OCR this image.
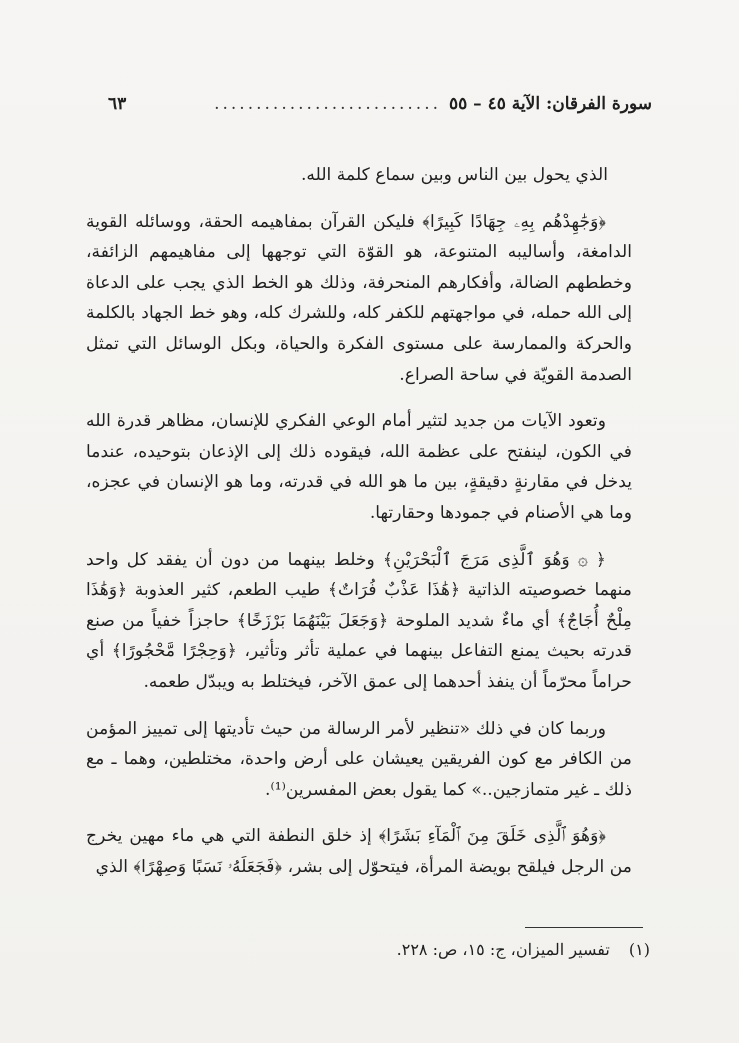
سورة الفرقان: الآية ٤٥ – ٥٥
...........................
٦٣

الذي يحول بين الناس وبين سماع كلمة الله.

﴿وَجَٰهِدْهُم بِهِۦ جِهَادًا كَبِيرًا﴾ فليكن القرآن بمفاهيمه الحقة، ووسائله القوية الدامغة، وأساليبه المتنوعة، هو القوّة التي توجهها إلى مفاهيمهم الزائفة، وخططهم الضالة، وأفكارهم المنحرفة، وذلك هو الخط الذي يجب على الدعاة إلى الله حمله، في مواجهتهم للكفر كله، وللشرك كله، وهو خط الجهاد بالكلمة والحركة والممارسة على مستوى الفكرة والحياة، وبكل الوسائل التي تمثل الصدمة القويّة في ساحة الصراع.

وتعود الآيات من جديد لتثير أمام الوعي الفكري للإنسان، مظاهر قدرة الله في الكون، لينفتح على عظمة الله، فيقوده ذلك إلى الإذعان بتوحيده، عندما يدخل في مقارنةٍ دقيقةٍ، بين ما هو الله في قدرته، وما هو الإنسان في عجزه، وما هي الأصنام في جمودها وحقارتها.

﴿ ۞ وَهُوَ ٱلَّذِى مَرَجَ ٱلْبَحْرَيْنِ﴾ وخلط بينهما من دون أن يفقد كل واحد منهما خصوصيته الذاتية ﴿هَٰذَا عَذْبٌ فُرَاتٌ﴾ طيب الطعم، كثير العذوبة ﴿وَهَٰذَا مِلْحٌ أُجَاجٌ﴾ أي ماءٌ شديد الملوحة ﴿وَجَعَلَ بَيْنَهُمَا بَرْزَخًا﴾ حاجزاً خفياً من صنع قدرته بحيث يمنع التفاعل بينهما في عملية تأثر وتأثير، ﴿وَحِجْرًا مَّحْجُورًا﴾ أي حراماً محرّماً أن ينفذ أحدهما إلى عمق الآخر، فيختلط به ويبدّل طعمه.

وربما كان في ذلك «تنظير لأمر الرسالة من حيث تأديتها إلى تمييز المؤمن من الكافر مع كون الفريقين يعيشان على أرض واحدة، مختلطين، وهما ـ مع ذلك ـ غير متمازجين..» كما يقول بعض المفسرين⁽¹⁾.

﴿وَهُوَ ٱلَّذِى خَلَقَ مِنَ ٱلْمَآءِ بَشَرًا﴾ إذ خلق النطفة التي هي ماء مهين يخرج من الرجل فيلقح بويضة المرأة، فيتحوّل إلى بشر، ﴿فَجَعَلَهُۥ نَسَبًا وَصِهْرًا﴾ الذي

(١) تفسير الميزان، ج: ١٥، ص: ٢٢٨.
